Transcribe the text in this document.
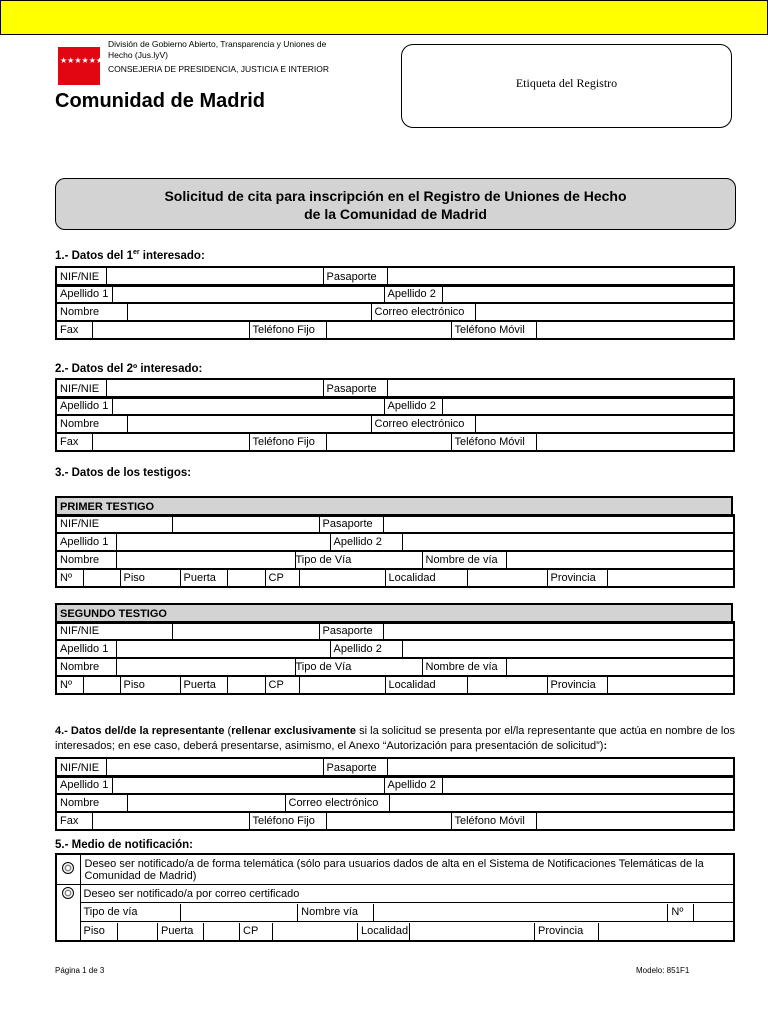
★★★★★★★
División de Gobierno Abierto, Transparencia y Uniones de
Hecho (Jus.lyV)
CONSEJERIA DE PRESIDENCIA, JUSTICIA E INTERIOR
Comunidad de Madrid
Etiqueta del Registro
Solicitud de cita para inscripción en el Registro de Uniones de Hecho
de la Comunidad de Madrid
1.- Datos del 1er interesado:
NIF/NIE		Pasaporte	
Apellido 1		Apellido 2	
Nombre		Correo electrónico	
Fax		Teléfono Fijo		Teléfono Móvil	
2.- Datos del 2º interesado:
NIF/NIE		Pasaporte	
Apellido 1		Apellido 2	
Nombre		Correo electrónico	
Fax		Teléfono Fijo		Teléfono Móvil	
3.- Datos de los testigos:
PRIMER TESTIGO
NIF/NIE		Pasaporte	
Apellido 1		Apellido 2	
Nombre		Tipo de Vía	Nombre de vía	
Nº		Piso	Puerta		CP		Localidad		Provincia	
SEGUNDO TESTIGO
NIF/NIE		Pasaporte	
Apellido 1		Apellido 2	
Nombre		Tipo de Vía	Nombre de vía	
Nº		Piso	Puerta		CP		Localidad		Provincia	
4.- Datos del/de la representante (rellenar exclusivamente si la solicitud se presenta por el/la representante que actúa en nombre de los interesados; en ese caso, deberá presentarse, asimismo, el Anexo “Autorización para presentación de solicitud”):
NIF/NIE		Pasaporte	
Apellido 1		Apellido 2	
Nombre		Correo electrónico	
Fax		Teléfono Fijo		Teléfono Móvil	
5.- Medio de notificación:
	Deseo ser notificado/a de forma telemática (sólo para usuarios dados de alta en el Sistema de Notificaciones Telemáticas de la Comunidad de Madrid)
	Deseo ser notificado/a por correo certificado

Tipo de vía		Nombre vía		Nº	

Piso		Puerta		CP		Localidad		Provincia	
Página 1 de 3	Modelo: 851F1
